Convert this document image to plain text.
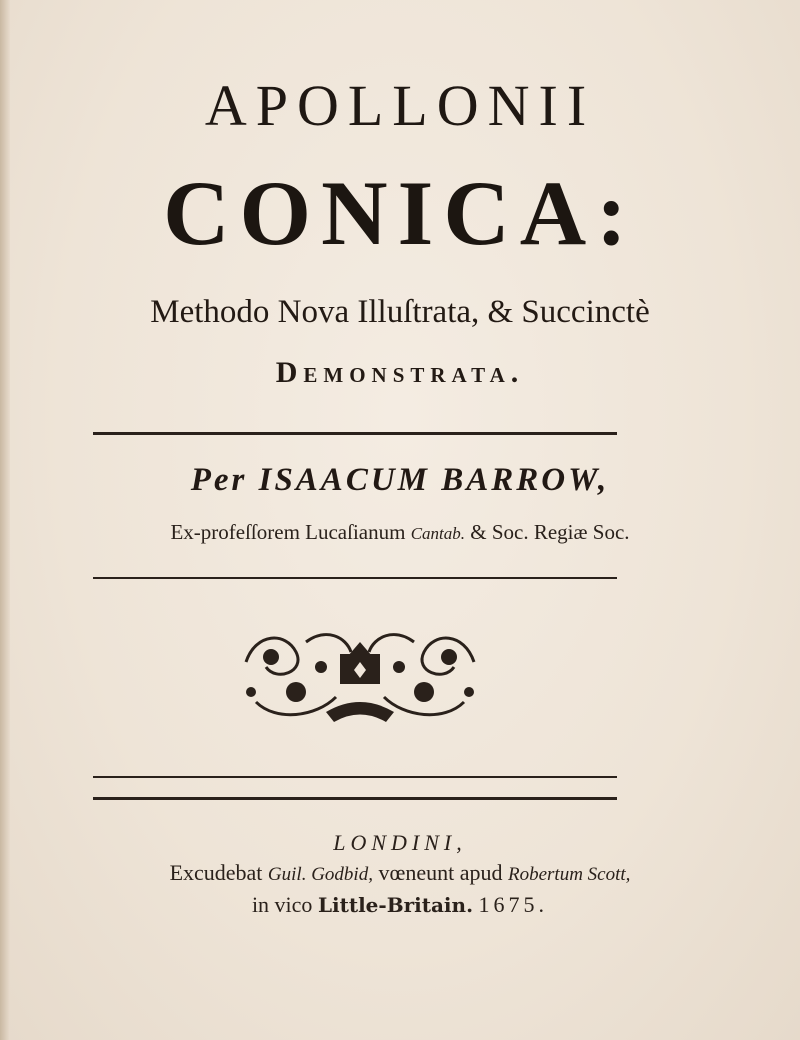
APOLLONII
CONICA:
Methodo Nova Illuſtrata, & Succinctè
Demonstrata.
Per ISAACUM BARROW,
Ex-profeſſorem Lucaſianum Cantab. & Soc. Regiæ Soc.
LONDINI,
Excudebat Guil. Godbid, vœneunt apud Robertum Scott,
in vico Little-Britain. 1675.
